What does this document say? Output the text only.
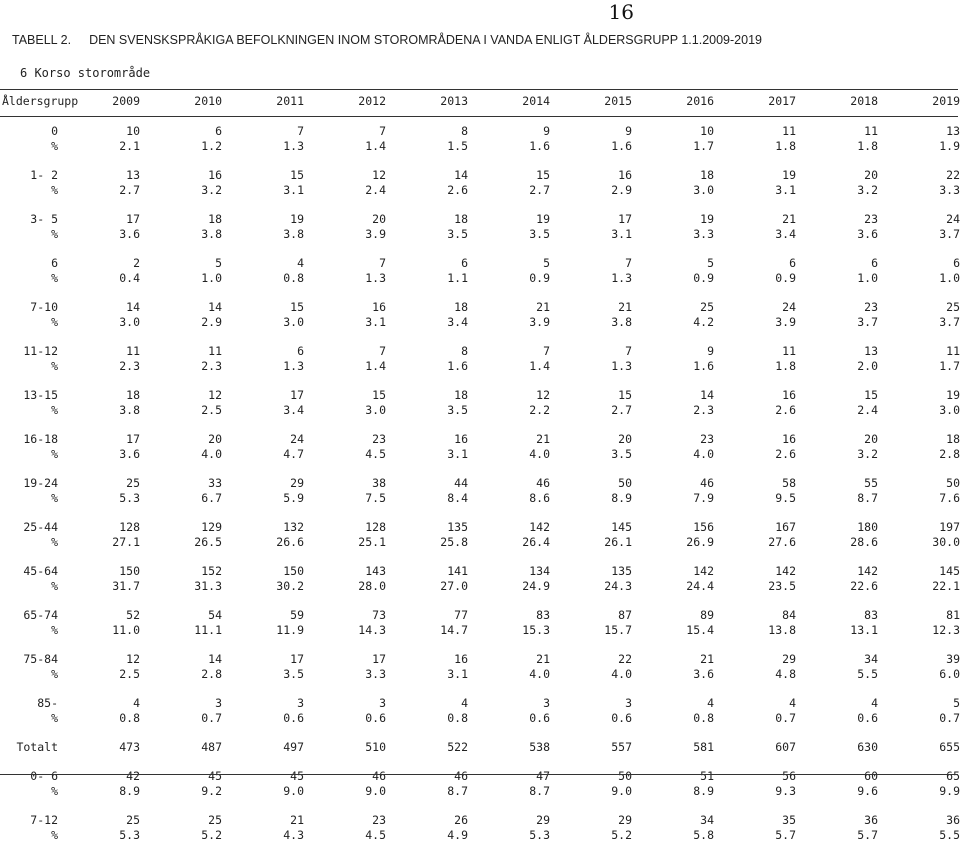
16
TABELL 2. DEN SVENSKSPRÅKIGA BEFOLKNINGEN INOM STOROMRÅDENA I VANDA ENLIGT ÅLDERSGRUPP 1.1.2009-2019
6 Korso storområde
Åldersgrupp	2009	2010	2011	2012	2013	2014	2015	2016	2017	2018	2019
0	10	6	7	7	8	9	9	10	11	11	13
%	2.1	1.2	1.3	1.4	1.5	1.6	1.6	1.7	1.8	1.8	1.9

1- 2	13	16	15	12	14	15	16	18	19	20	22
%	2.7	3.2	3.1	2.4	2.6	2.7	2.9	3.0	3.1	3.2	3.3

3- 5	17	18	19	20	18	19	17	19	21	23	24
%	3.6	3.8	3.8	3.9	3.5	3.5	3.1	3.3	3.4	3.6	3.7

6	2	5	4	7	6	5	7	5	6	6	6
%	0.4	1.0	0.8	1.3	1.1	0.9	1.3	0.9	0.9	1.0	1.0

7-10	14	14	15	16	18	21	21	25	24	23	25
%	3.0	2.9	3.0	3.1	3.4	3.9	3.8	4.2	3.9	3.7	3.7

11-12	11	11	6	7	8	7	7	9	11	13	11
%	2.3	2.3	1.3	1.4	1.6	1.4	1.3	1.6	1.8	2.0	1.7

13-15	18	12	17	15	18	12	15	14	16	15	19
%	3.8	2.5	3.4	3.0	3.5	2.2	2.7	2.3	2.6	2.4	3.0

16-18	17	20	24	23	16	21	20	23	16	20	18
%	3.6	4.0	4.7	4.5	3.1	4.0	3.5	4.0	2.6	3.2	2.8

19-24	25	33	29	38	44	46	50	46	58	55	50
%	5.3	6.7	5.9	7.5	8.4	8.6	8.9	7.9	9.5	8.7	7.6

25-44	128	129	132	128	135	142	145	156	167	180	197
%	27.1	26.5	26.6	25.1	25.8	26.4	26.1	26.9	27.6	28.6	30.0

45-64	150	152	150	143	141	134	135	142	142	142	145
%	31.7	31.3	30.2	28.0	27.0	24.9	24.3	24.4	23.5	22.6	22.1

65-74	52	54	59	73	77	83	87	89	84	83	81
%	11.0	11.1	11.9	14.3	14.7	15.3	15.7	15.4	13.8	13.1	12.3

75-84	12	14	17	17	16	21	22	21	29	34	39
%	2.5	2.8	3.5	3.3	3.1	4.0	4.0	3.6	4.8	5.5	6.0

85-	4	3	3	3	4	3	3	4	4	4	5
%	0.8	0.7	0.6	0.6	0.8	0.6	0.6	0.8	0.7	0.6	0.7

Totalt	473	487	497	510	522	538	557	581	607	630	655

0- 6	42	45	45	46	46	47	50	51	56	60	65
%	8.9	9.2	9.0	9.0	8.7	8.7	9.0	8.9	9.3	9.6	9.9

7-12	25	25	21	23	26	29	29	34	35	36	36
%	5.3	5.2	4.3	4.5	4.9	5.3	5.2	5.8	5.7	5.7	5.5
